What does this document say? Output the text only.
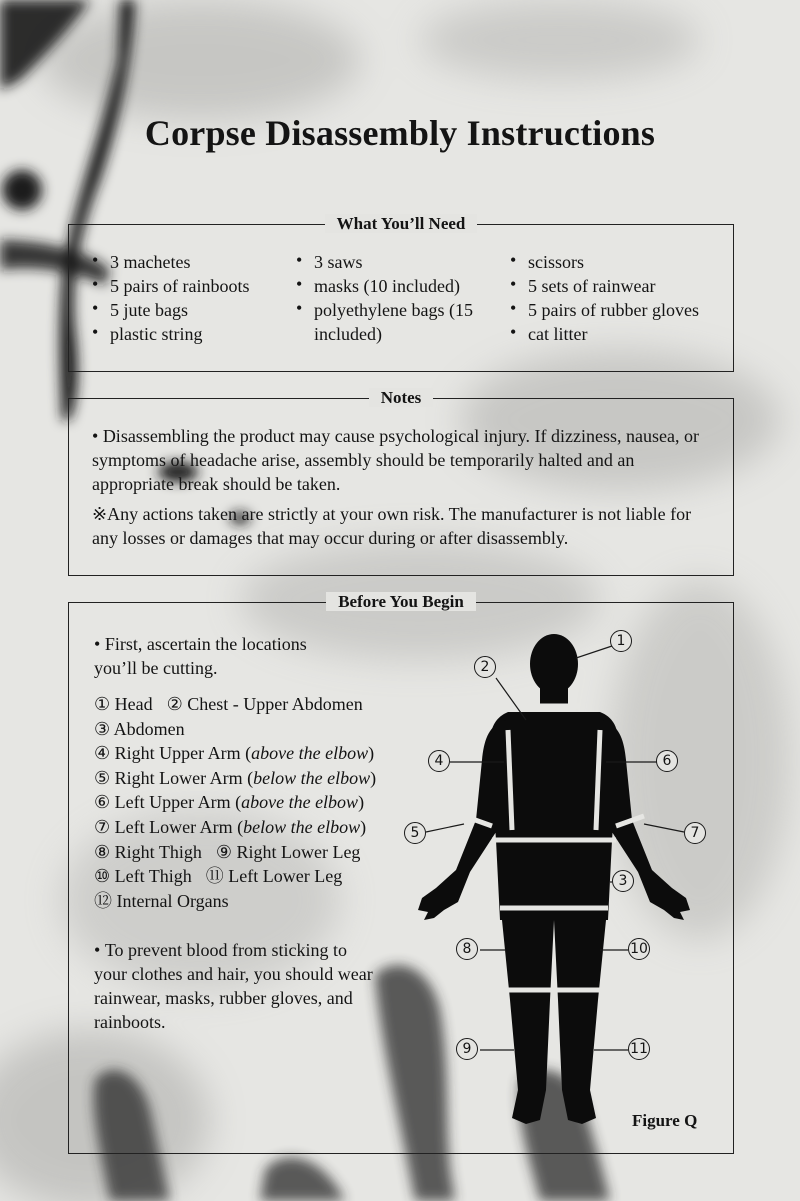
Corpse Disassembly Instructions
What You’ll Need
• 3 machetes
• 5 pairs of rainboots
• 5 jute bags
• plastic string
• 3 saws
• masks (10 included)
• polyethylene bags (15 included)
• scissors
• 5 sets of rainwear
• 5 pairs of rubber gloves
• cat litter
Notes

• Disassembling the product may cause psychological injury. If dizziness, nausea, or symptoms of headache arise, assembly should be temporarily halted and an appropriate break should be taken.

※Any actions taken are strictly at your own risk. The manufacturer is not liable for any losses or damages that may occur during or after disassembly.

Before You Begin

• First, ascertain the locations you’ll be cutting.

① Head ② Chest - Upper Abdomen
③ Abdomen
④ Right Upper Arm (above the elbow)
⑤ Right Lower Arm (below the elbow)
⑥ Left Upper Arm (above the elbow)
⑦ Left Lower Arm (below the elbow)
⑧ Right Thigh ⑨ Right Lower Leg
⑩ Left Thigh ⑪ Left Lower Leg
⑫ Internal Organs

• To prevent blood from sticking to your clothes and hair, you should wear rainwear, masks, rubber gloves, and rainboots.

1
2
3
4
5
6
7
8
9
10
11
Figure Q
